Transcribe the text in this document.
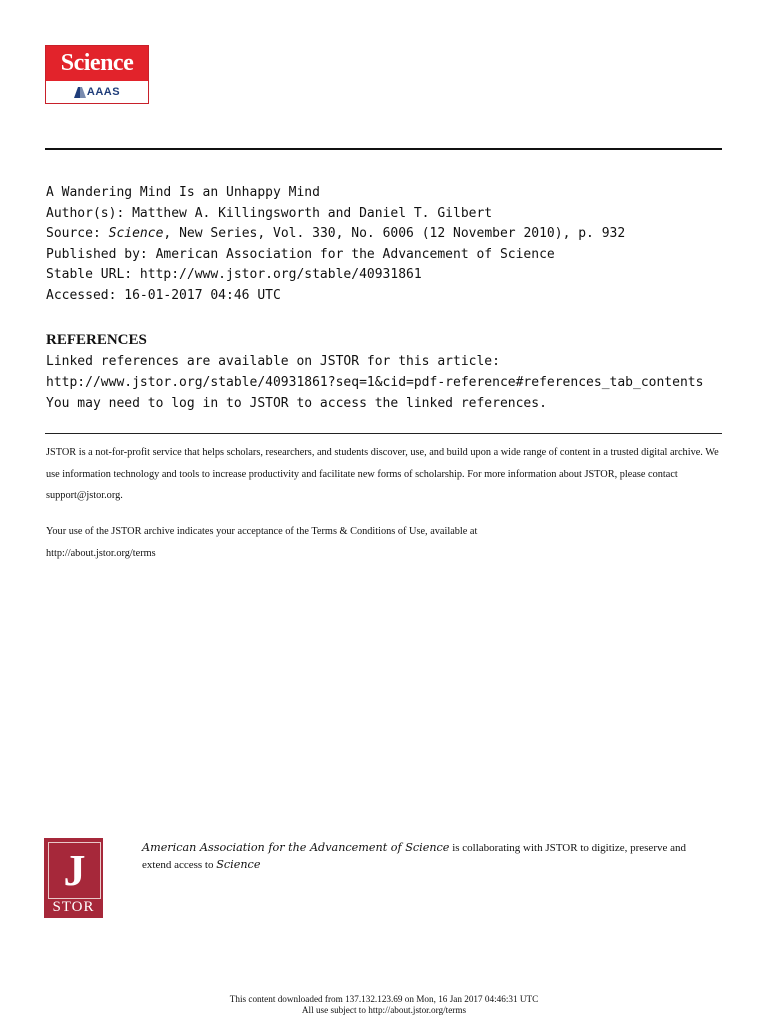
Science
AAAS
A Wandering Mind Is an Unhappy Mind
Author(s): Matthew A. Killingsworth and Daniel T. Gilbert
Source: Science, New Series, Vol. 330, No. 6006 (12 November 2010), p. 932
Published by: American Association for the Advancement of Science
Stable URL: http://www.jstor.org/stable/40931861
Accessed: 16-01-2017 04:46 UTC
REFERENCES
Linked references are available on JSTOR for this article:
http://www.jstor.org/stable/40931861?seq=1&cid=pdf-reference#references_tab_contents
You may need to log in to JSTOR to access the linked references.
JSTOR is a not-for-profit service that helps scholars, researchers, and students discover, use, and build upon a wide range of content in a trusted digital archive. We use information technology and tools to increase productivity and facilitate new forms of scholarship. For more information about JSTOR, please contact support@jstor.org.
Your use of the JSTOR archive indicates your acceptance of the Terms & Conditions of Use, available at
http://about.jstor.org/terms
J
STOR
American Association for the Advancement of Science is collaborating with JSTOR to digitize, preserve and extend access to Science
This content downloaded from 137.132.123.69 on Mon, 16 Jan 2017 04:46:31 UTC
All use subject to http://about.jstor.org/terms
